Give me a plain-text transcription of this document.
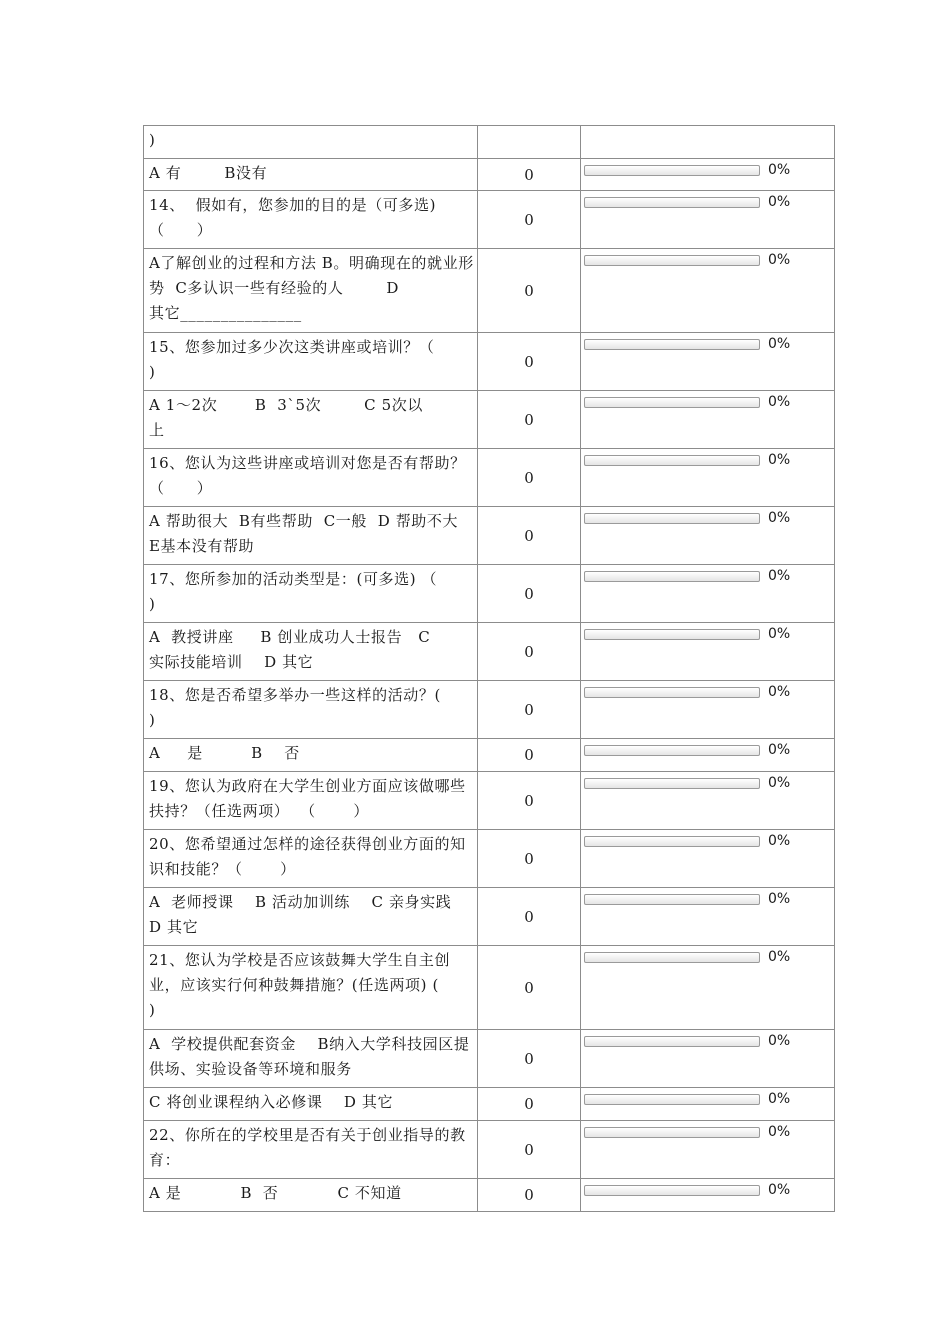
)		

A 有        B没有	0	0%

14、  假如有，您参加的目的是（可多选)
（      ）	0	0%

A了解创业的过程和方法 B。明确现在的就业形势  C多认识一些有经验的人        D
其它_______________	0	0%

15、您参加过多少次这类讲座或培训？（
)	0	0%

A 1～2次       B  3`5次        C 5次以
上	0	0%

16、您认为这些讲座或培训对您是否有帮助？（      ）	0	0%

A 帮助很大  B有些帮助  C一般  D 帮助不大  E基本没有帮助	0	0%

17、您所参加的活动类型是：(可多选) （
)	0	0%

A  教授讲座     B 创业成功人士报告   C
实际技能培训    D 其它	0	0%

18、您是否希望多举办一些这样的活动？(
)	0	0%

A     是         B    否	0	0%

19、您认为政府在大学生创业方面应该做哪些扶持？（任选两项）  （       ）	0	0%

20、您希望通过怎样的途径获得创业方面的知识和技能？（       ）	0	0%

A  老师授课    B 活动加训练    C 亲身实践     D 其它	0	0%

21、您认为学校是否应该鼓舞大学生自主创业，应该实行何种鼓舞措施？(任选两项) (
)	0	0%

A  学校提供配套资金    B纳入大学科技园区提供场、实验设备等环境和服务	0	0%

C 将创业课程纳入必修课    D 其它	0	0%

22、你所在的学校里是否有关于创业指导的教育：	0	0%

A 是           B  否           C 不知道	0	0%
